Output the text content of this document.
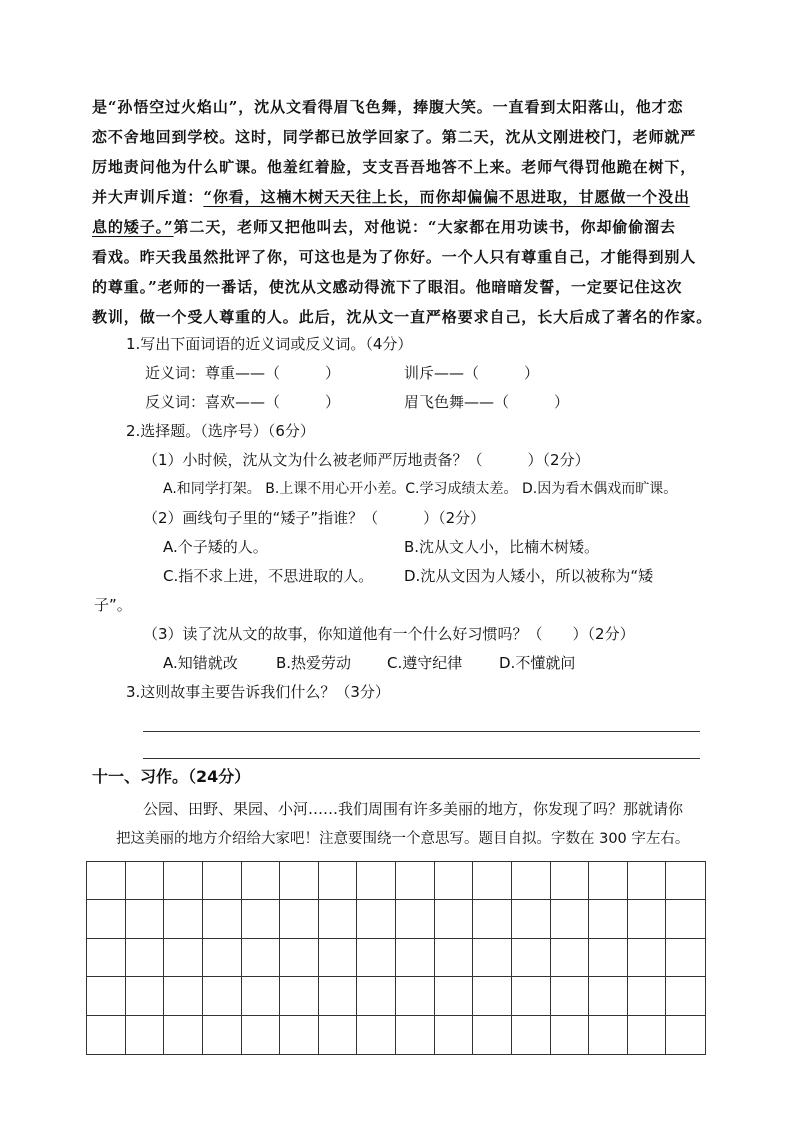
是“孙悟空过火焰山”，沈从文看得眉飞色舞，捧腹大笑。一直看到太阳落山，他才恋
恋不舍地回到学校。这时，同学都已放学回家了。第二天，沈从文刚进校门，老师就严
厉地责问他为什么旷课。他羞红着脸，支支吾吾地答不上来。老师气得罚他跪在树下，
并大声训斥道：“你看，这楠木树天天往上长，而你却偏偏不思进取，甘愿做一个没出
息的矮子。”第二天，老师又把他叫去，对他说：“大家都在用功读书，你却偷偷溜去
看戏。昨天我虽然批评了你，可这也是为了你好。一个人只有尊重自己，才能得到别人
的尊重。”老师的一番话，使沈从文感动得流下了眼泪。他暗暗发誓，一定要记住这次
教训，做一个受人尊重的人。此后，沈从文一直严格要求自己，长大后成了著名的作家。
1.写出下面词语的近义词或反义词。（4分）
近义词：尊重——（　　　）	训斥——（　　　）
反义词：喜欢——（　　　）	眉飞色舞——（　　　）
2.选择题。（选序号）（6分）
（1）小时候，沈从文为什么被老师严厉地责备？（　　　）（2分）
A.和同学打架。 B.上课不用心开小差。C.学习成绩太差。 D.因为看木偶戏而旷课。
（2）画线句子里的“矮子”指谁？（　　　）（2分）
A.个子矮的人。	B.沈从文人小，比楠木树矮。
C.指不求上进，不思进取的人。 D.沈从文因为人矮小，所以被称为“矮
子”。
（3）读了沈从文的故事，你知道他有一个什么好习惯吗？（　　）（2分）
A.知错就改	B.热爱劳动 C.遵守纪律 D.不懂就问
3.这则故事主要告诉我们什么？（3分）
十一、习作。（24分）
公园、田野、果园、小河……我们周围有许多美丽的地方，你发现了吗？那就请你
把这美丽的地方介绍给大家吧！注意要围绕一个意思写。题目自拟。字数在 300 字左右。
